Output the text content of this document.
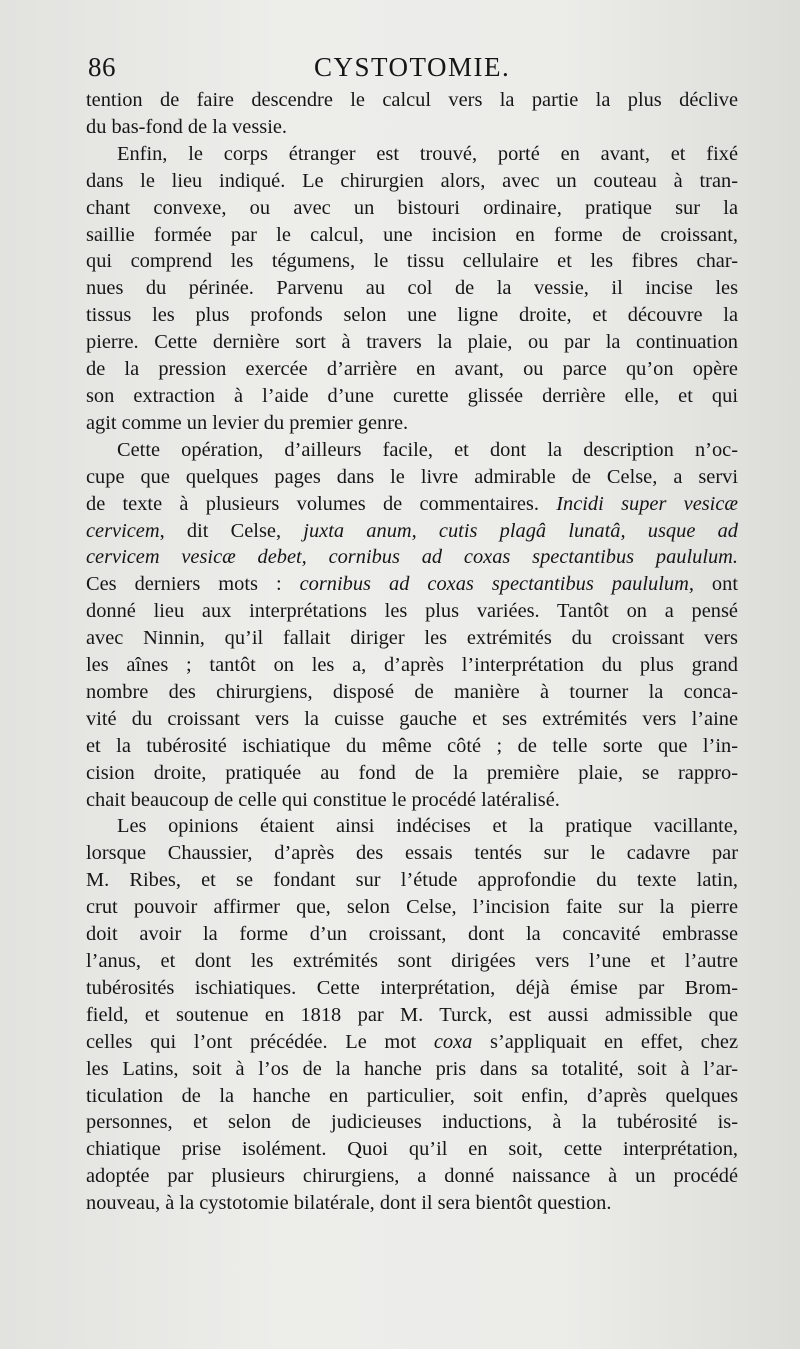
86	CYSTOTOMIE.
tention de faire descendre le calcul vers la partie la plus déclive
du bas-fond de la vessie.
Enfin, le corps étranger est trouvé, porté en avant, et fixé
dans le lieu indiqué. Le chirurgien alors, avec un couteau à tran-
chant convexe, ou avec un bistouri ordinaire, pratique sur la
saillie formée par le calcul, une incision en forme de croissant,
qui comprend les tégumens, le tissu cellulaire et les fibres char-
nues du périnée. Parvenu au col de la vessie, il incise les
tissus les plus profonds selon une ligne droite, et découvre la
pierre. Cette dernière sort à travers la plaie, ou par la continuation
de la pression exercée d’arrière en avant, ou parce qu’on opère
son extraction à l’aide d’une curette glissée derrière elle, et qui
agit comme un levier du premier genre.
Cette opération, d’ailleurs facile, et dont la description n’oc-
cupe que quelques pages dans le livre admirable de Celse, a servi
de texte à plusieurs volumes de commentaires. Incidi super vesicæ
cervicem, dit Celse, juxta anum, cutis plagâ lunatâ, usque ad
cervicem vesicæ debet, cornibus ad coxas spectantibus paululum.
Ces derniers mots : cornibus ad coxas spectantibus paululum, ont
donné lieu aux interprétations les plus variées. Tantôt on a pensé
avec Ninnin, qu’il fallait diriger les extrémités du croissant vers
les aînes ; tantôt on les a, d’après l’interprétation du plus grand
nombre des chirurgiens, disposé de manière à tourner la conca-
vité du croissant vers la cuisse gauche et ses extrémités vers l’aine
et la tubérosité ischiatique du même côté ; de telle sorte que l’in-
cision droite, pratiquée au fond de la première plaie, se rappro-
chait beaucoup de celle qui constitue le procédé latéralisé.
Les opinions étaient ainsi indécises et la pratique vacillante,
lorsque Chaussier, d’après des essais tentés sur le cadavre par
M. Ribes, et se fondant sur l’étude approfondie du texte latin,
crut pouvoir affirmer que, selon Celse, l’incision faite sur la pierre
doit avoir la forme d’un croissant, dont la concavité embrasse
l’anus, et dont les extrémités sont dirigées vers l’une et l’autre
tubérosités ischiatiques. Cette interprétation, déjà émise par Brom-
field, et soutenue en 1818 par M. Turck, est aussi admissible que
celles qui l’ont précédée. Le mot coxa s’appliquait en effet, chez
les Latins, soit à l’os de la hanche pris dans sa totalité, soit à l’ar-
ticulation de la hanche en particulier, soit enfin, d’après quelques
personnes, et selon de judicieuses inductions, à la tubérosité is-
chiatique prise isolément. Quoi qu’il en soit, cette interprétation,
adoptée par plusieurs chirurgiens, a donné naissance à un procédé
nouveau, à la cystotomie bilatérale, dont il sera bientôt question.
